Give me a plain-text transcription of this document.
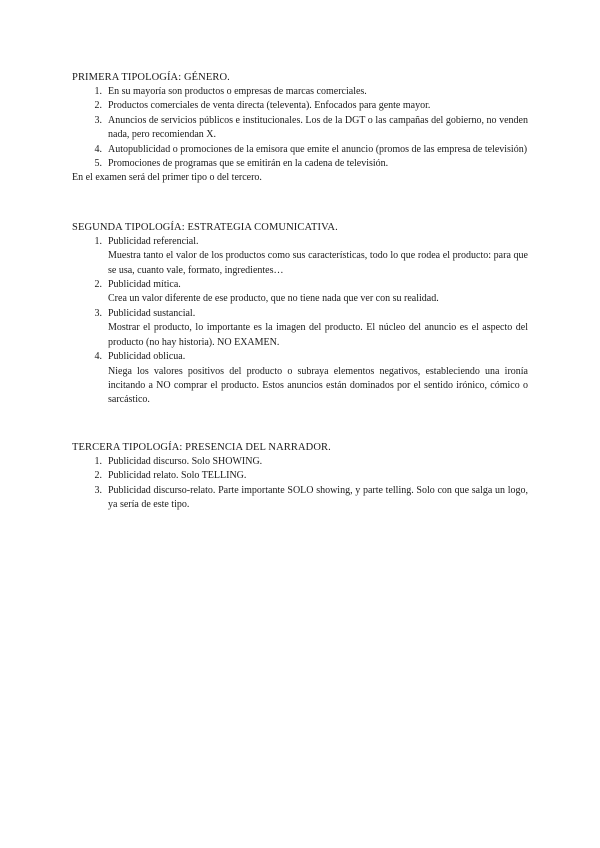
PRIMERA TIPOLOGÍA: GÉNERO.
1. En su mayoría son productos o empresas de marcas comerciales.
2. Productos comerciales de venta directa (televenta). Enfocados para gente mayor.
3. Anuncios de servicios públicos e institucionales. Los de la DGT o las campañas del gobierno, no venden nada, pero recomiendan X.
4. Autopublicidad o promociones de la emisora que emite el anuncio (promos de las empresa de televisión)
5. Promociones de programas que se emitirán en la cadena de televisión.

En el examen será del primer tipo o del tercero.

SEGUNDA TIPOLOGÍA: ESTRATEGIA COMUNICATIVA.
1. Publicidad referencial.
Muestra tanto el valor de los productos como sus características, todo lo que rodea el producto: para que se usa, cuanto vale, formato, ingredientes…
2. Publicidad mítica.
Crea un valor diferente de ese producto, que no tiene nada que ver con su realidad.
3. Publicidad sustancial.
Mostrar el producto, lo importante es la imagen del producto. El núcleo del anuncio es el aspecto del producto (no hay historia). NO EXAMEN.
4. Publicidad oblicua.
Niega los valores positivos del producto o subraya elementos negativos, estableciendo una ironía incitando a NO comprar el producto. Estos anuncios están dominados por el sentido irónico, cómico o sarcástico.
TERCERA TIPOLOGÍA: PRESENCIA DEL NARRADOR.
1. Publicidad discurso. Solo SHOWING.
2. Publicidad relato. Solo TELLING.
3. Publicidad discurso-relato. Parte importante SOLO showing, y parte telling. Solo con que salga un logo, ya sería de este tipo.
